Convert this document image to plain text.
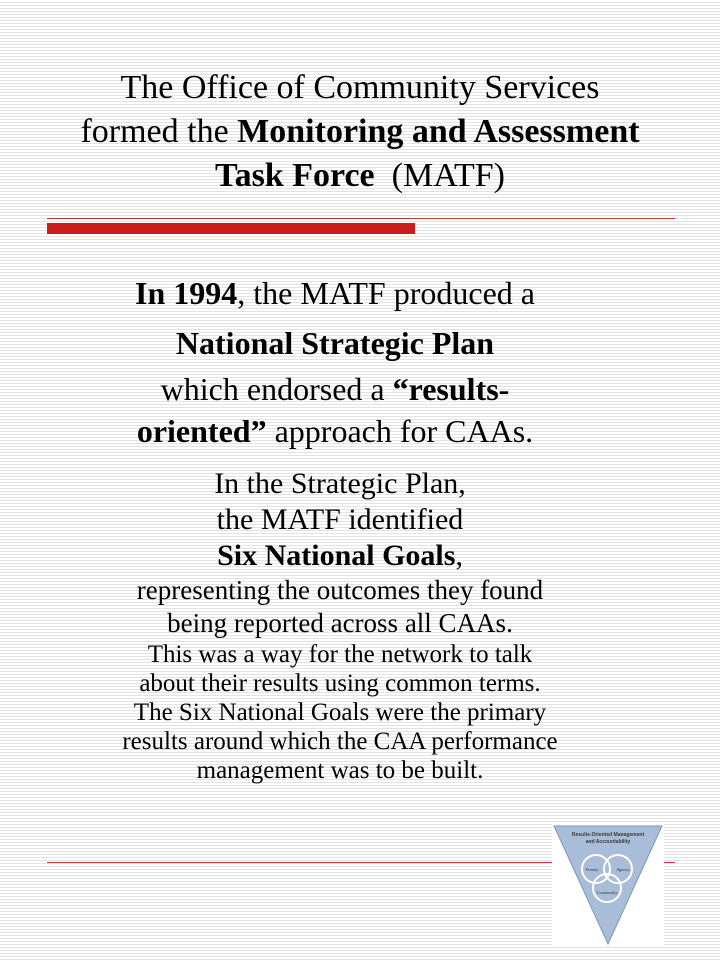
The Office of Community Services
formed the Monitoring and Assessment
Task Force  (MATF)
In 1994, the MATF produced a
National Strategic Plan
which endorsed a “results-
oriented” approach for CAAs.
In the Strategic Plan,
the MATF identified
Six National Goals,
representing the outcomes they found
being reported across all CAAs.
This was a way for the network to talk
about their results using common terms.
The Six National Goals were the primary
results around which the CAA performance
management was to be built.
Results-Oriented Management
and Accountability
Family	Agency
Community
